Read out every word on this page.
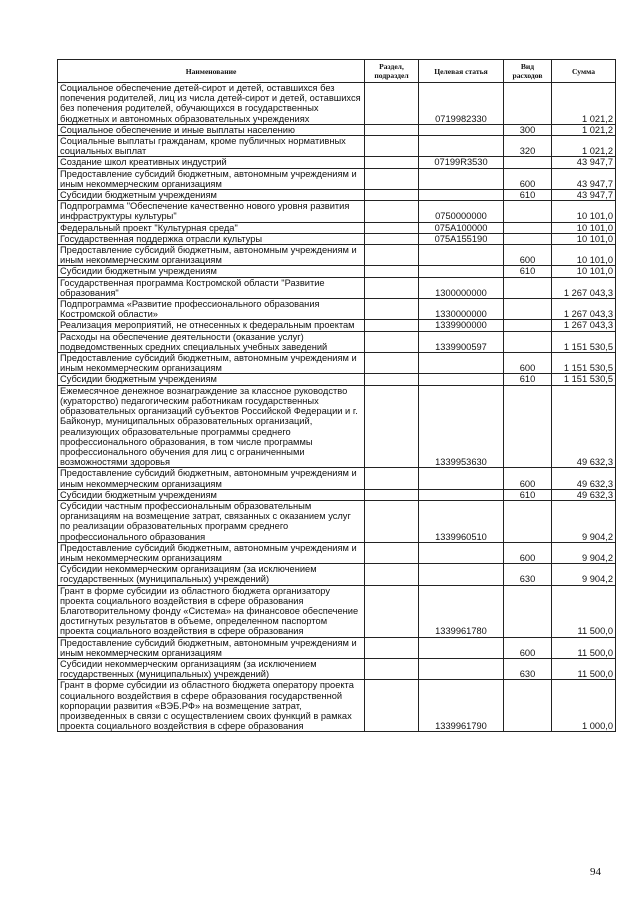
Наименование	Раздел, подраздел	Целевая статья	Вид расходов	Сумма
Социальное обеспечение детей-сирот и детей, оставшихся без попечения родителей, лиц из числа детей-сирот и детей, оставшихся без попечения родителей, обучающихся в государственных бюджетных и автономных образовательных учреждениях		0719982330		1 021,2
Социальное обеспечение и иные выплаты населению			300	1 021,2
Социальные выплаты гражданам, кроме публичных нормативных социальных выплат			320	1 021,2
Создание школ креативных индустрий		07199R3530		43 947,7
Предоставление субсидий бюджетным, автономным учреждениям и иным некоммерческим организациям			600	43 947,7
Субсидии бюджетным учреждениям			610	43 947,7
Подпрограмма "Обеспечение качественно нового уровня развития инфраструктуры культуры"		0750000000		10 101,0
Федеральный проект "Культурная среда"		075A100000		10 101,0
Государственная поддержка отрасли культуры		075A155190		10 101,0
Предоставление субсидий бюджетным, автономным учреждениям и иным некоммерческим организациям			600	10 101,0
Субсидии бюджетным учреждениям			610	10 101,0
Государственная программа Костромской области "Развитие образования"		1300000000		1 267 043,3
Подпрограмма «Развитие профессионального образования Костромской области»		1330000000		1 267 043,3
Реализация мероприятий, не отнесенных к федеральным проектам		1339900000		1 267 043,3
Расходы на обеспечение деятельности (оказание услуг) подведомственных средних специальных учебных заведений		1339900597		1 151 530,5
Предоставление субсидий бюджетным, автономным учреждениям и иным некоммерческим организациям			600	1 151 530,5
Субсидии бюджетным учреждениям			610	1 151 530,5
Ежемесячное денежное вознаграждение за классное руководство (кураторство) педагогическим работникам государственных образовательных организаций субъектов Российской Федерации и г. Байконур, муниципальных образовательных организаций, реализующих образовательные программы среднего профессионального образования, в том числе программы профессионального обучения для лиц с ограниченными возможностями здоровья		1339953630		49 632,3
Предоставление субсидий бюджетным, автономным учреждениям и иным некоммерческим организациям			600	49 632,3
Субсидии бюджетным учреждениям			610	49 632,3
Субсидии частным профессиональным образовательным организациям на возмещение затрат, связанных с оказанием услуг по реализации образовательных программ среднего профессионального образования		1339960510		9 904,2
Предоставление субсидий бюджетным, автономным учреждениям и иным некоммерческим организациям			600	9 904,2
Субсидии некоммерческим организациям (за исключением государственных (муниципальных) учреждений)			630	9 904,2
Грант в форме субсидии из областного бюджета организатору проекта социального воздействия в сфере образования Благотворительному фонду «Система» на финансовое обеспечение достигнутых результатов в объеме, определенном паспортом проекта социального воздействия в сфере образования		1339961780		11 500,0
Предоставление субсидий бюджетным, автономным учреждениям и иным некоммерческим организациям			600	11 500,0
Субсидии некоммерческим организациям (за исключением государственных (муниципальных) учреждений)			630	11 500,0
Грант в форме субсидии из областного бюджета оператору проекта социального воздействия в сфере образования государственной корпорации развития «ВЭБ.РФ» на возмещение затрат, произведенных в связи с осуществлением своих функций в рамках проекта социального воздействия в сфере образования		1339961790		1 000,0
94
